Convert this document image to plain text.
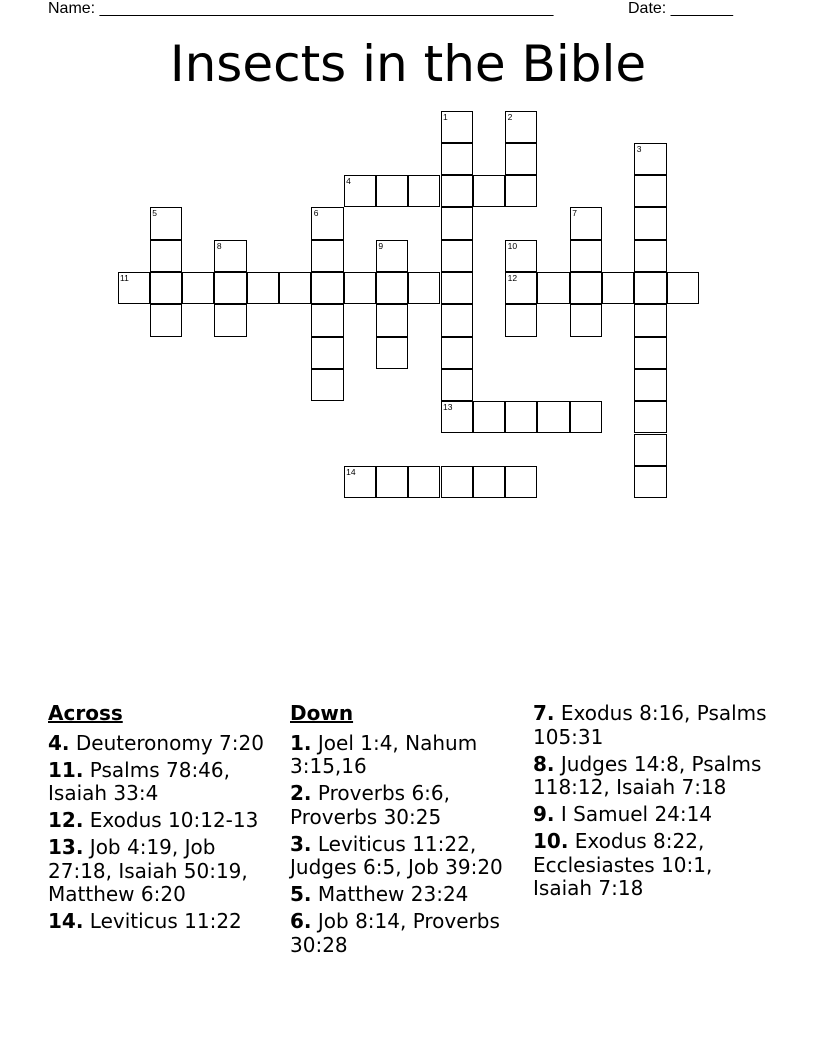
Name: ___________________________________________________	Date: _______
Insects in the Bible
1	2
3
4
5	6	7
8	9	10
12
11
13
14
Across
4. Deuteronomy 7:20
11. Psalms 78:46, Isaiah 33:4
12. Exodus 10:12-13
13. Job 4:19, Job 27:18, Isaiah 50:19, Matthew 6:20
14. Leviticus 11:22
Down
1. Joel 1:4, Nahum 3:15,16
2. Proverbs 6:6, Proverbs 30:25
3. Leviticus 11:22, Judges 6:5, Job 39:20
5. Matthew 23:24
6. Job 8:14, Proverbs 30:28
7. Exodus 8:16, Psalms 105:31
8. Judges 14:8, Psalms 118:12, Isaiah 7:18
9. I Samuel 24:14
10. Exodus 8:22, Ecclesiastes 10:1, Isaiah 7:18
